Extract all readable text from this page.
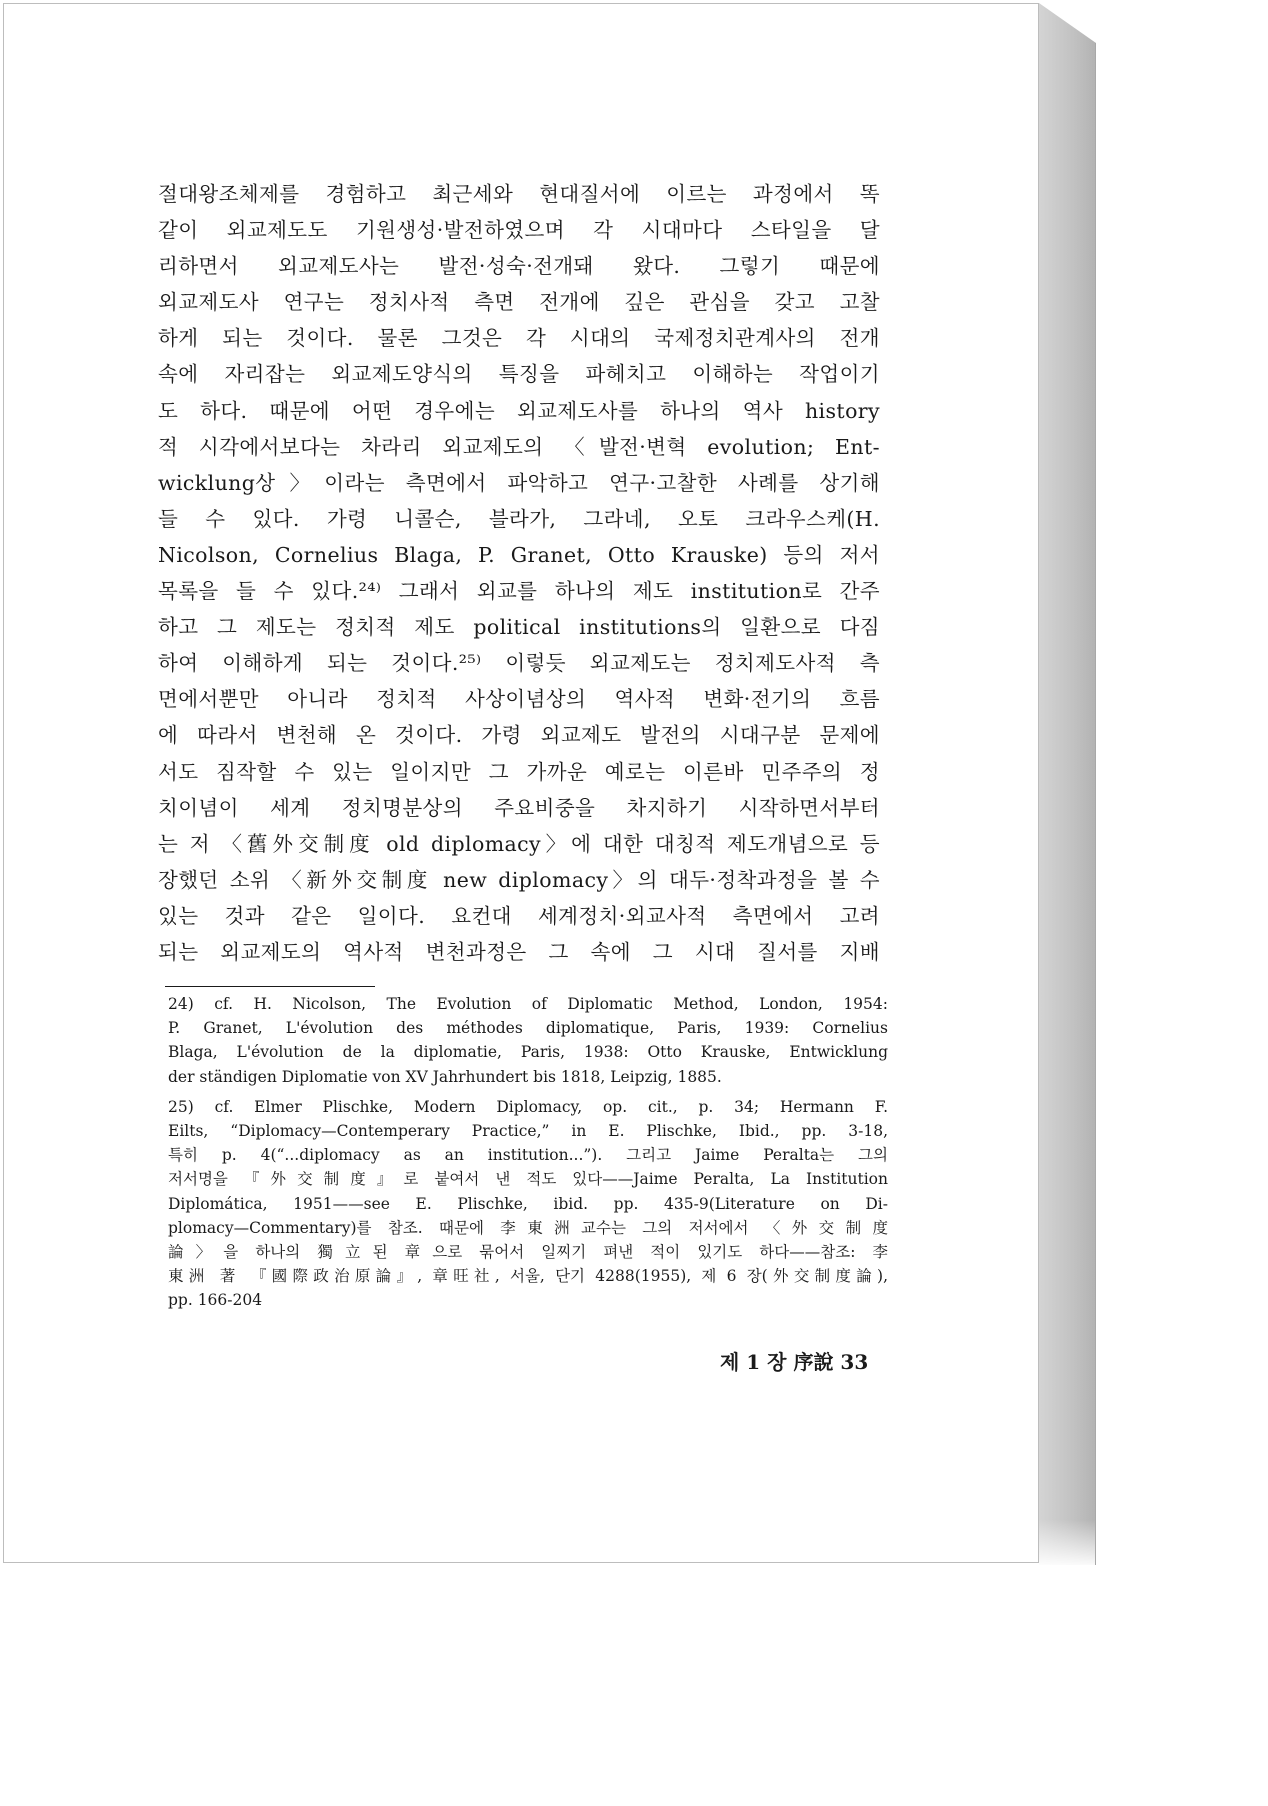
절대왕조체제를 경험하고 최근세와 현대질서에 이르는 과정에서 똑
같이 외교제도도 기원생성·발전하였으며 각 시대마다 스타일을 달
리하면서 외교제도사는 발전·성숙·전개돼 왔다. 그렇기 때문에
외교제도사 연구는 정치사적 측면 전개에 깊은 관심을 갖고 고찰
하게 되는 것이다. 물론 그것은 각 시대의 국제정치관계사의 전개
속에 자리잡는 외교제도양식의 특징을 파헤치고 이해하는 작업이기
도 하다. 때문에 어떤 경우에는 외교제도사를 하나의 역사 history
적 시각에서보다는 차라리 외교제도의 〈발전·변혁 evolution; Ent-
wicklung상〉이라는 측면에서 파악하고 연구·고찰한 사례를 상기해
들 수 있다. 가령 니콜슨, 블라가, 그라네, 오토 크라우스케(H.
Nicolson, Cornelius Blaga, P. Granet, Otto Krauske) 등의 저서
목록을 들 수 있다.²⁴⁾ 그래서 외교를 하나의 제도 institution로 간주
하고 그 제도는 정치적 제도 political institutions의 일환으로 다짐
하여 이해하게 되는 것이다.²⁵⁾ 이렇듯 외교제도는 정치제도사적 측
면에서뿐만 아니라 정치적 사상이념상의 역사적 변화·전기의 흐름
에 따라서 변천해 온 것이다. 가령 외교제도 발전의 시대구분 문제에
서도 짐작할 수 있는 일이지만 그 가까운 예로는 이른바 민주주의 정
치이념이 세계 정치명분상의 주요비중을 차지하기 시작하면서부터
는 저 〈舊外交制度 old diplomacy〉에 대한 대칭적 제도개념으로 등
장했던 소위 〈新外交制度 new diplomacy〉의 대두·정착과정을 볼 수
있는 것과 같은 일이다. 요컨대 세계정치·외교사적 측면에서 고려
되는 외교제도의 역사적 변천과정은 그 속에 그 시대 질서를 지배
24) cf. H. Nicolson, The Evolution of Diplomatic Method, London, 1954:
P. Granet, L'évolution des méthodes diplomatique, Paris, 1939: Cornelius
Blaga, L'évolution de la diplomatie, Paris, 1938: Otto Krauske, Entwicklung
der ständigen Diplomatie von XV Jahrhundert bis 1818, Leipzig, 1885.
25) cf. Elmer Plischke, Modern Diplomacy, op. cit., p. 34; Hermann F.
Eilts, “Diplomacy—Contemperary Practice,” in E. Plischke, Ibid., pp. 3-18,
특히 p. 4(“...diplomacy as an institution...”). 그리고 Jaime Peralta는 그의
저서명을 『外交制度』로 붙여서 낸 적도 있다——Jaime Peralta, La Institution
Diplomática, 1951——see E. Plischke, ibid. pp. 435-9(Literature on Di-
plomacy—Commentary)를 참조. 때문에 李東洲교수는 그의 저서에서 〈外交制度
論〉을 하나의 獨立된 章으로 묶어서 일찌기 펴낸 적이 있기도 하다——참조: 李
東洲 著 『國際政治原論』, 章旺社, 서울, 단기 4288(1955), 제 6 장(外交制度論),
pp. 166-204
제 1 장 序說 33
